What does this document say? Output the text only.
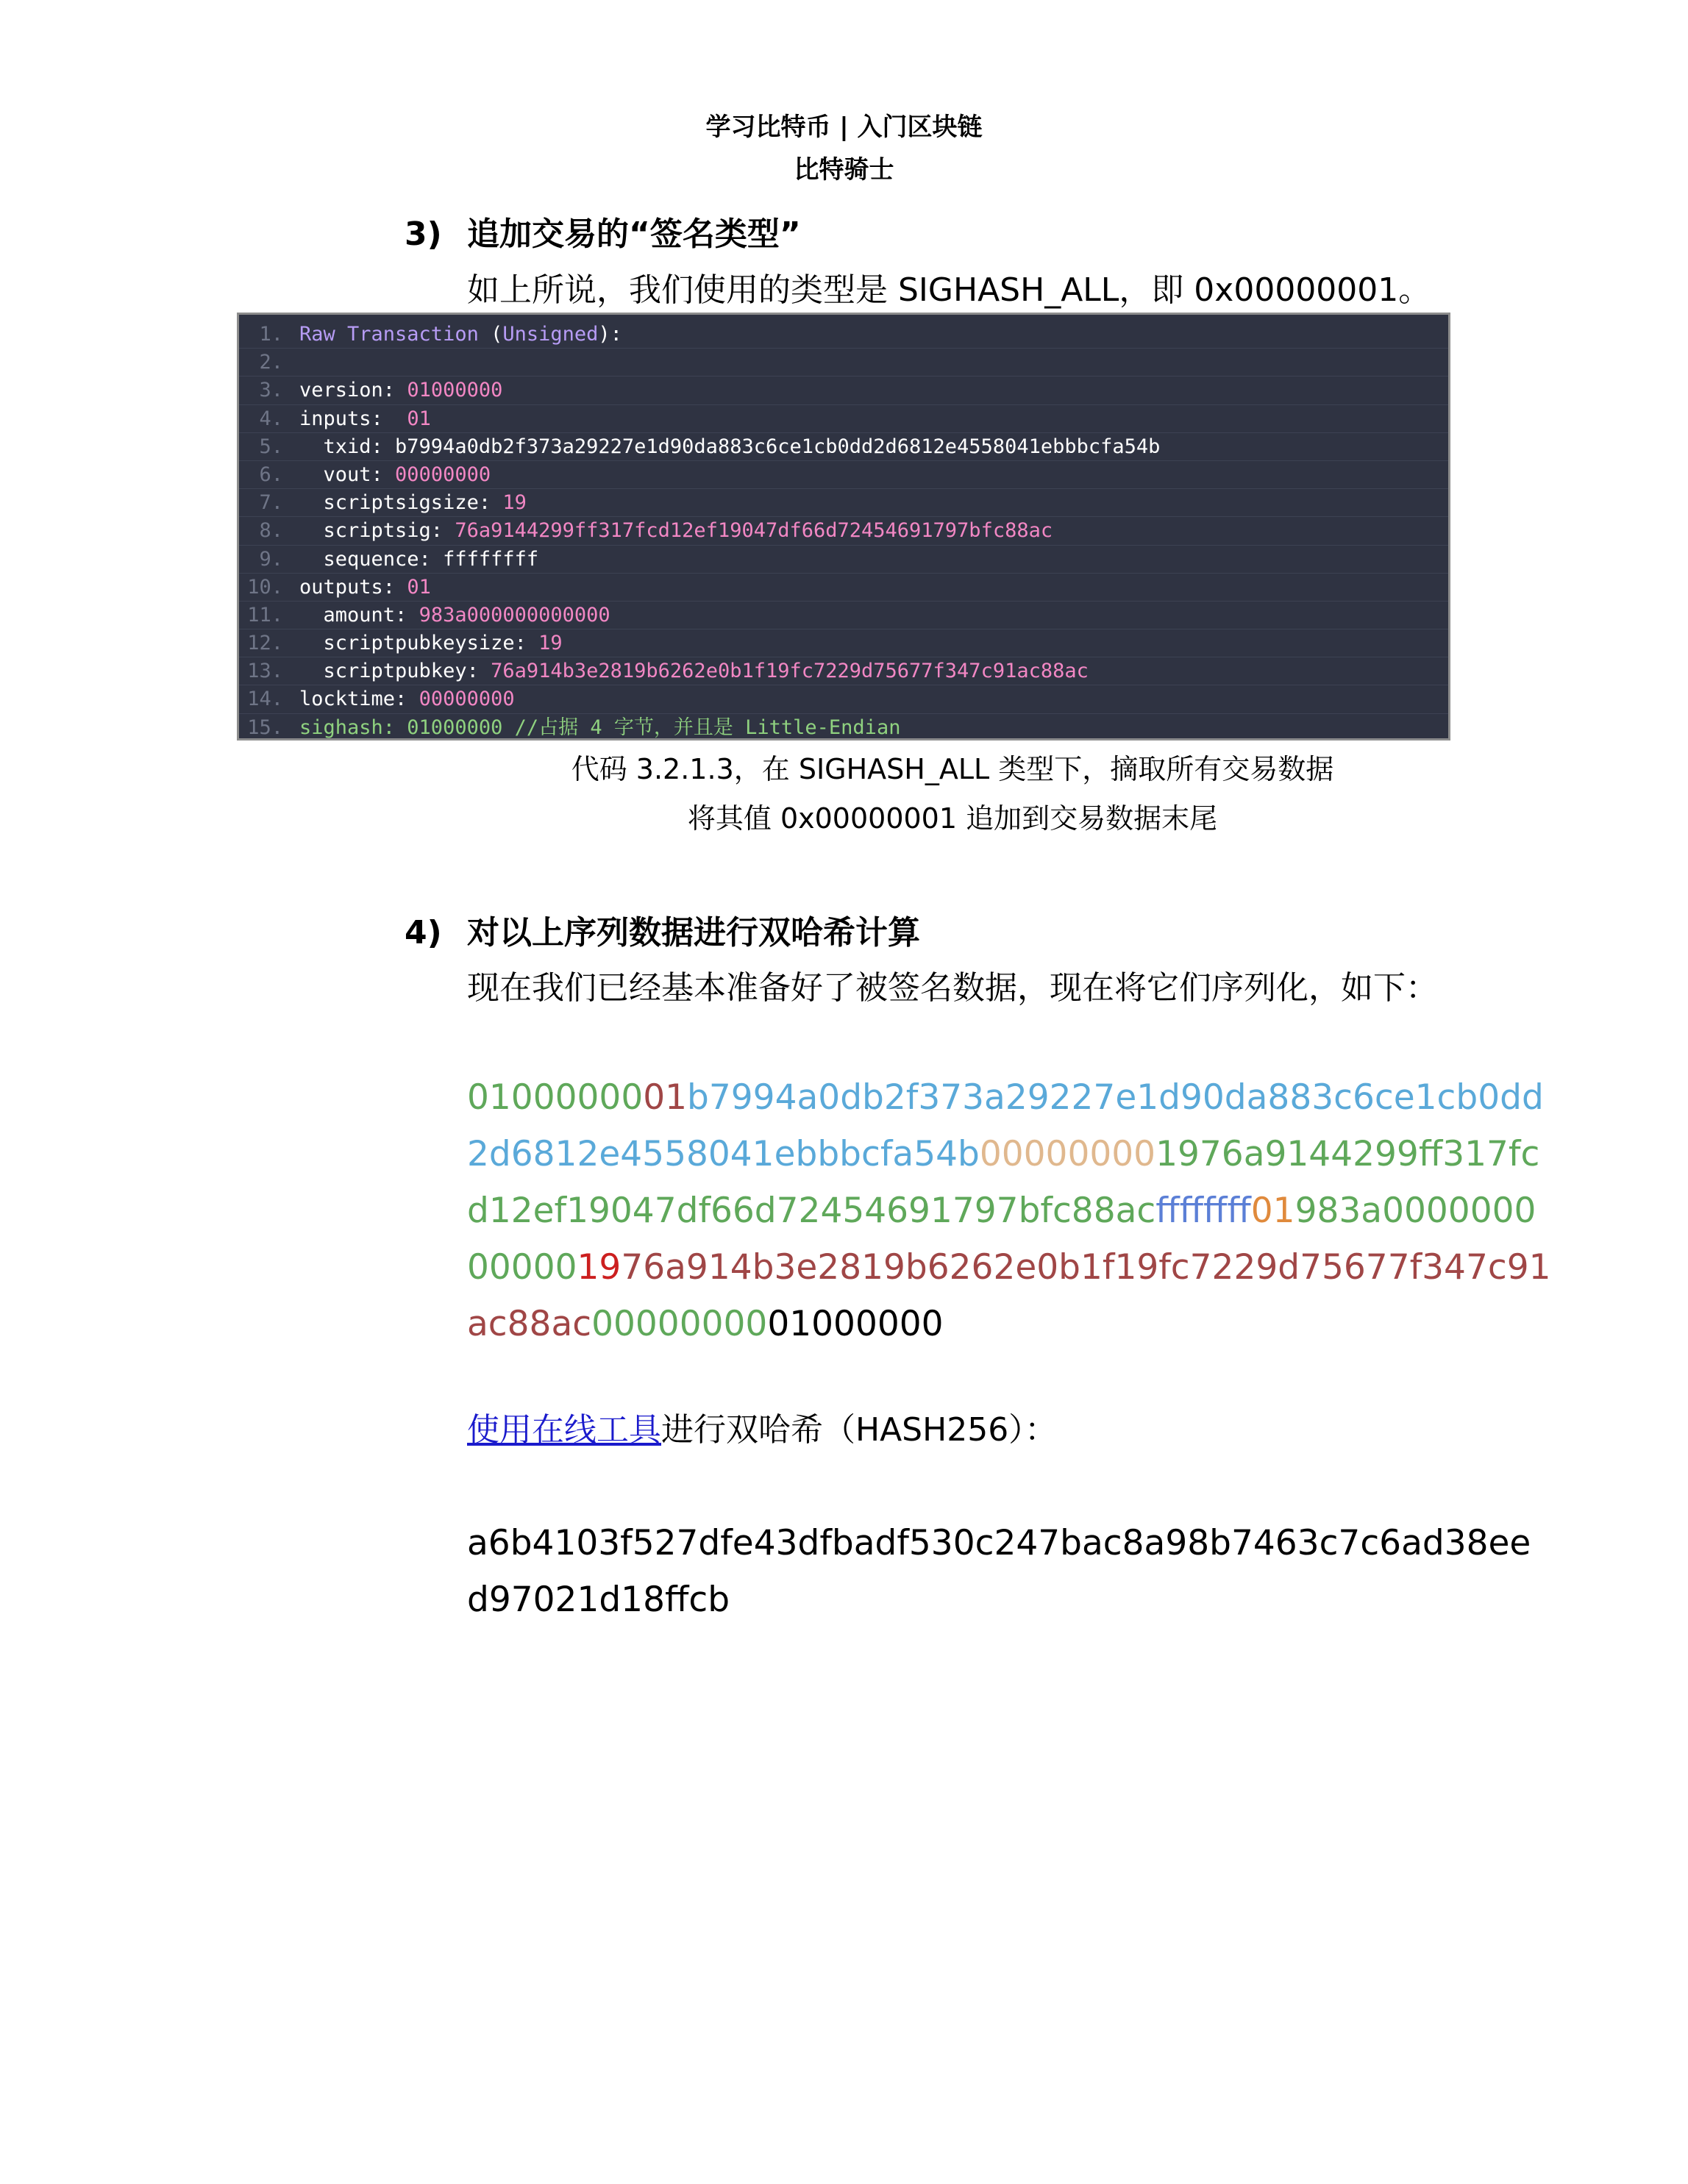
学习比特币 | 入门区块链
比特骑士
3) 追加交易的“签名类型”
如上所说，我们使用的类型是 SIGHASH_ALL，即 0x00000001。
1. Raw Transaction (Unsigned):
2.
3. version: 01000000
4. inputs:  01
5.  txid: b7994a0db2f373a29227e1d90da883c6ce1cb0dd2d6812e4558041ebbbcfa54b
6.  vout: 00000000
7.  scriptsigsize: 19
8.  scriptsig: 76a9144299ff317fcd12ef19047df66d72454691797bfc88ac
9.  sequence: ffffffff
10. outputs: 01
11.  amount: 983a000000000000
12.  scriptpubkeysize: 19
13.  scriptpubkey: 76a914b3e2819b6262e0b1f19fc7229d75677f347c91ac88ac
14. locktime: 00000000
15. sighash: 01000000 //占据 4 字节，并且是 Little-Endian
代码 3.2.1.3，在 SIGHASH_ALL 类型下，摘取所有交易数据
将其值 0x00000001 追加到交易数据末尾
4) 对以上序列数据进行双哈希计算
现在我们已经基本准备好了被签名数据，现在将它们序列化，如下：
0100000001b7994a0db2f373a29227e1d90da883c6ce1cb0dd
2d6812e4558041ebbbcfa54b000000001976a9144299ff317fc
d12ef19047df66d72454691797bfc88acffffffff01983a0000000
000001976a914b3e2819b6262e0b1f19fc7229d75677f347c91
ac88ac0000000001000000
使用在线工具进行双哈希（HASH256）：
a6b4103f527dfe43dfbadf530c247bac8a98b7463c7c6ad38ee
d97021d18ffcb
